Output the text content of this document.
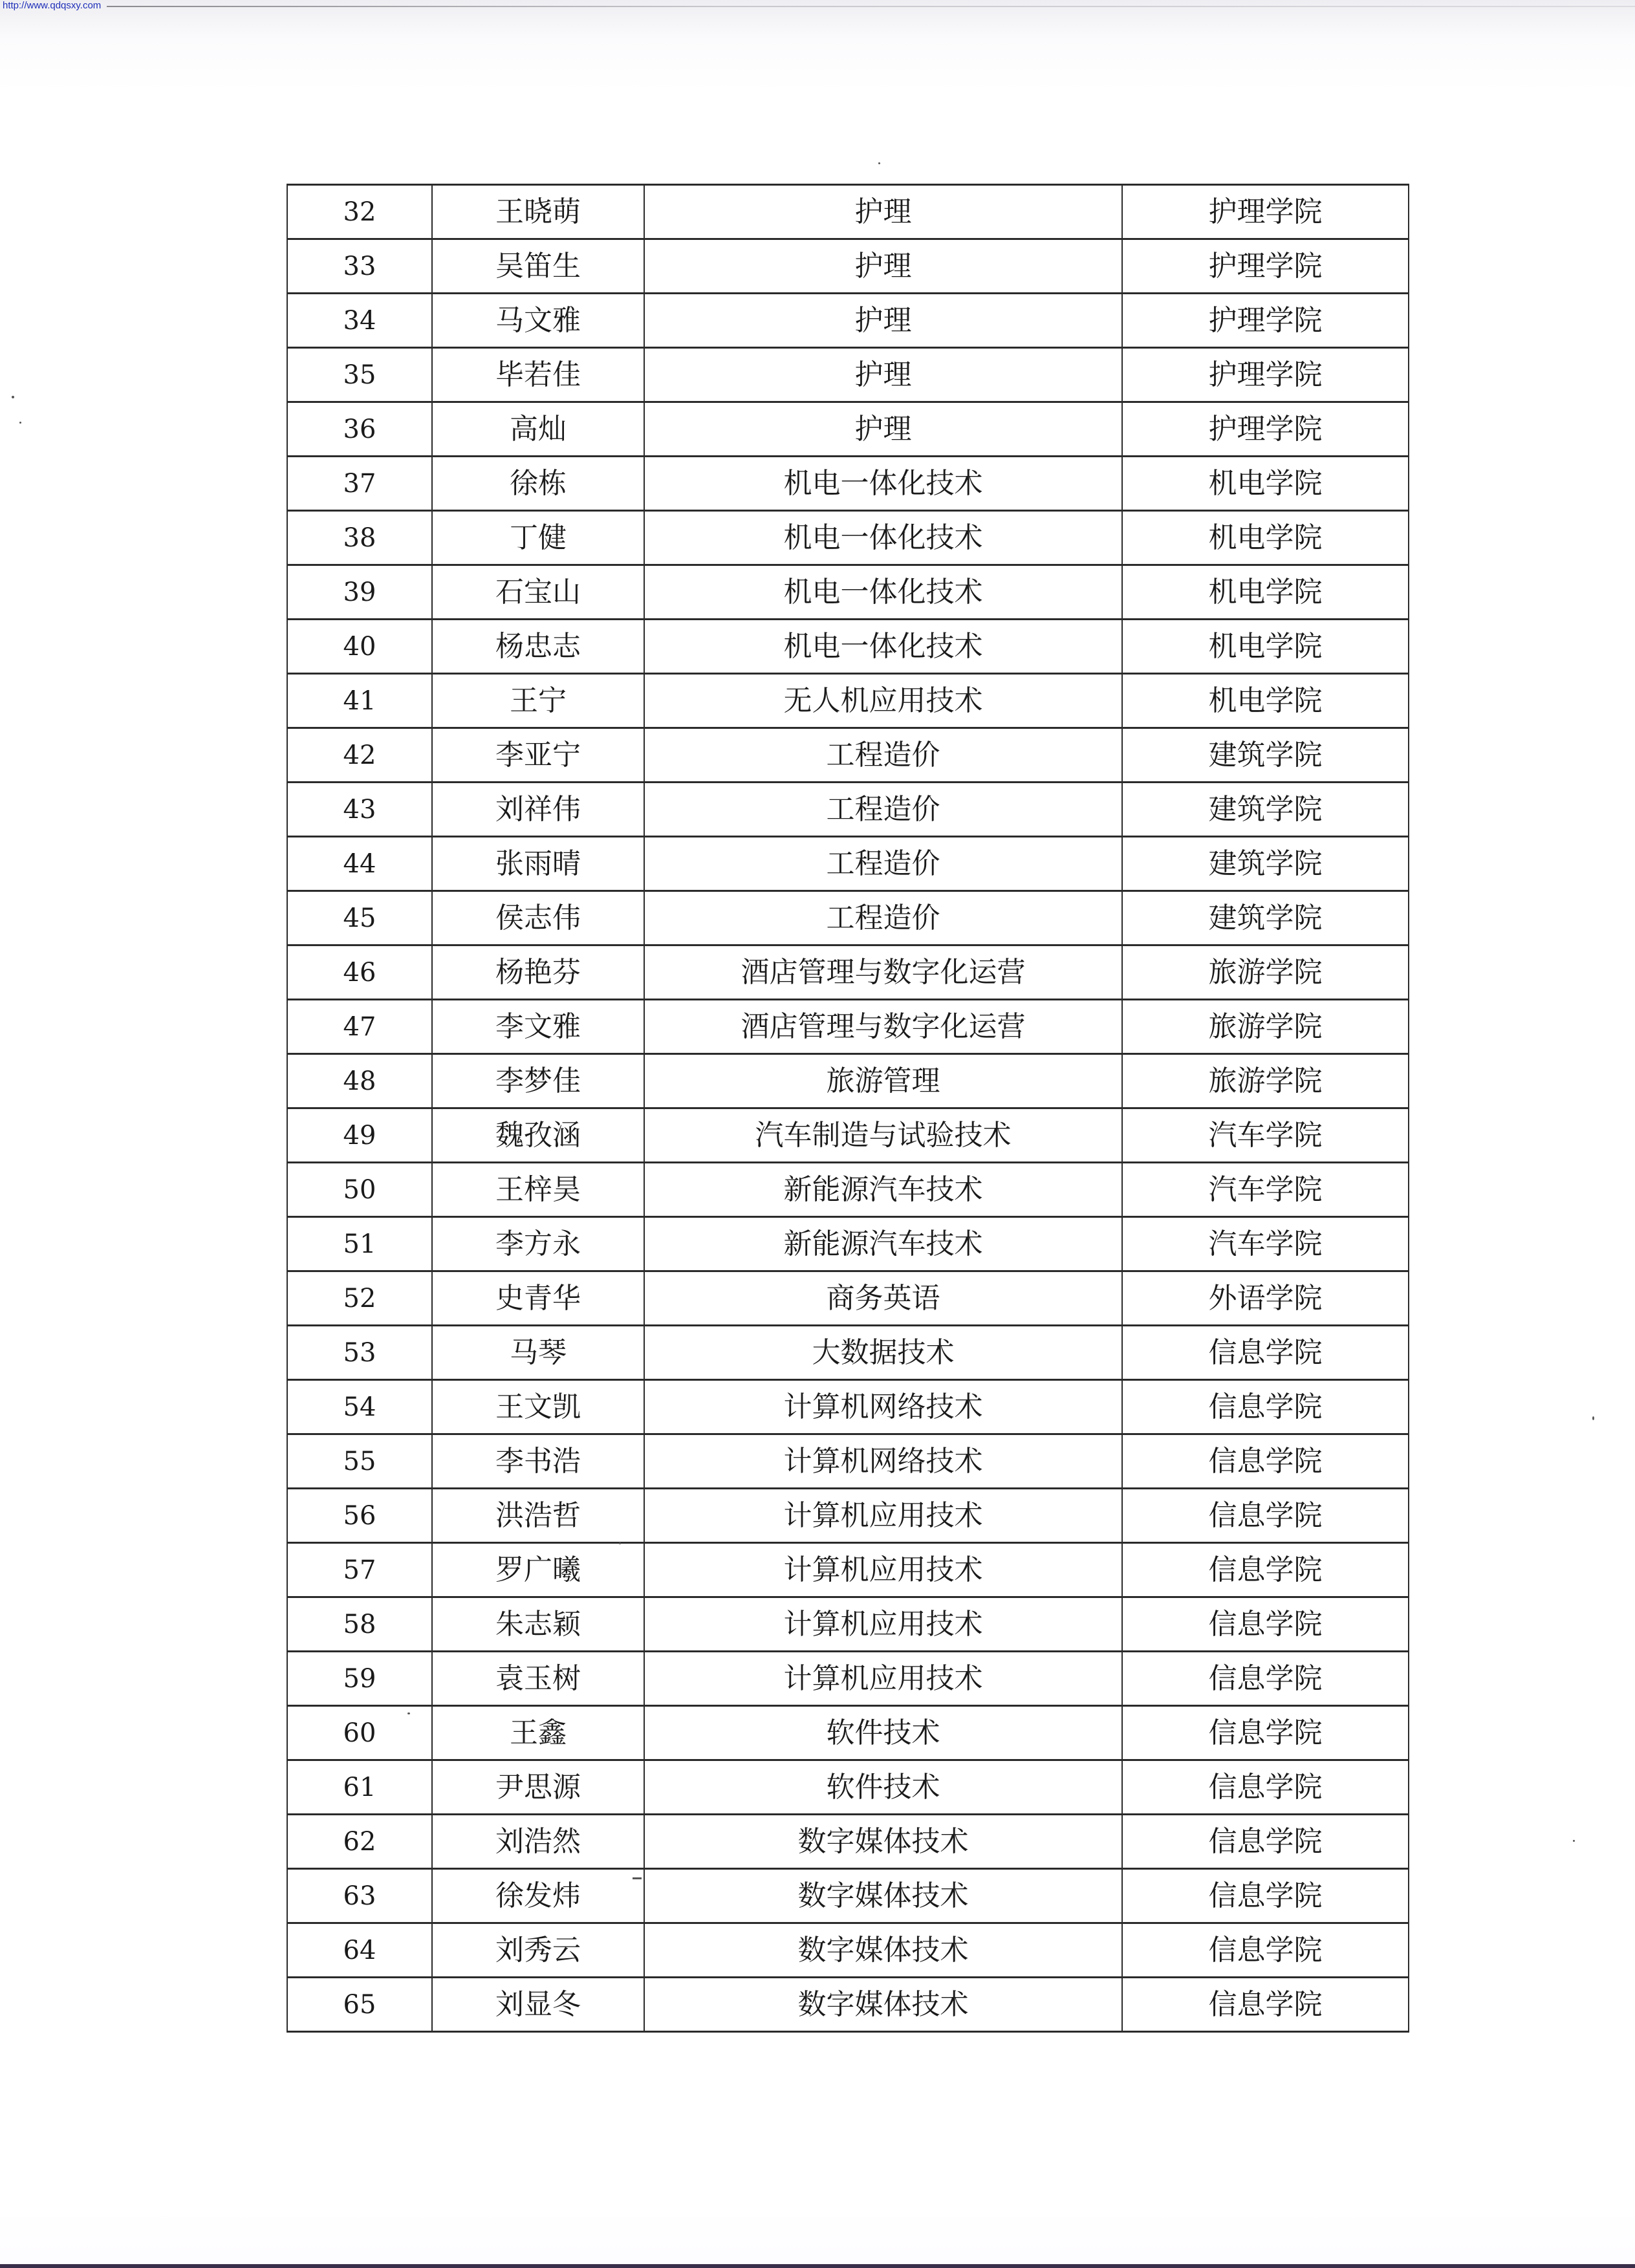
http://www.qdqsxy.com
32	王晓萌	护理	护理学院
33	吴笛生	护理	护理学院
34	马文雅	护理	护理学院
35	毕若佳	护理	护理学院
36	高灿	护理	护理学院
37	徐栋	机电一体化技术	机电学院
38	丁健	机电一体化技术	机电学院
39	石宝山	机电一体化技术	机电学院
40	杨忠志	机电一体化技术	机电学院
41	王宁	无人机应用技术	机电学院
42	李亚宁	工程造价	建筑学院
43	刘祥伟	工程造价	建筑学院
44	张雨晴	工程造价	建筑学院
45	侯志伟	工程造价	建筑学院
46	杨艳芬	酒店管理与数字化运营	旅游学院
47	李文雅	酒店管理与数字化运营	旅游学院
48	李梦佳	旅游管理	旅游学院
49	魏孜涵	汽车制造与试验技术	汽车学院
50	王梓昊	新能源汽车技术	汽车学院
51	李方永	新能源汽车技术	汽车学院
52	史青华	商务英语	外语学院
53	马琴	大数据技术	信息学院
54	王文凯	计算机网络技术	信息学院
55	李书浩	计算机网络技术	信息学院
56	洪浩哲	计算机应用技术	信息学院
57	罗广曦	计算机应用技术	信息学院
58	朱志颖	计算机应用技术	信息学院
59	袁玉树	计算机应用技术	信息学院
60	王鑫	软件技术	信息学院
61	尹思源	软件技术	信息学院
62	刘浩然	数字媒体技术	信息学院
63	徐发炜	数字媒体技术	信息学院
64	刘秀云	数字媒体技术	信息学院
65	刘显冬	数字媒体技术	信息学院
